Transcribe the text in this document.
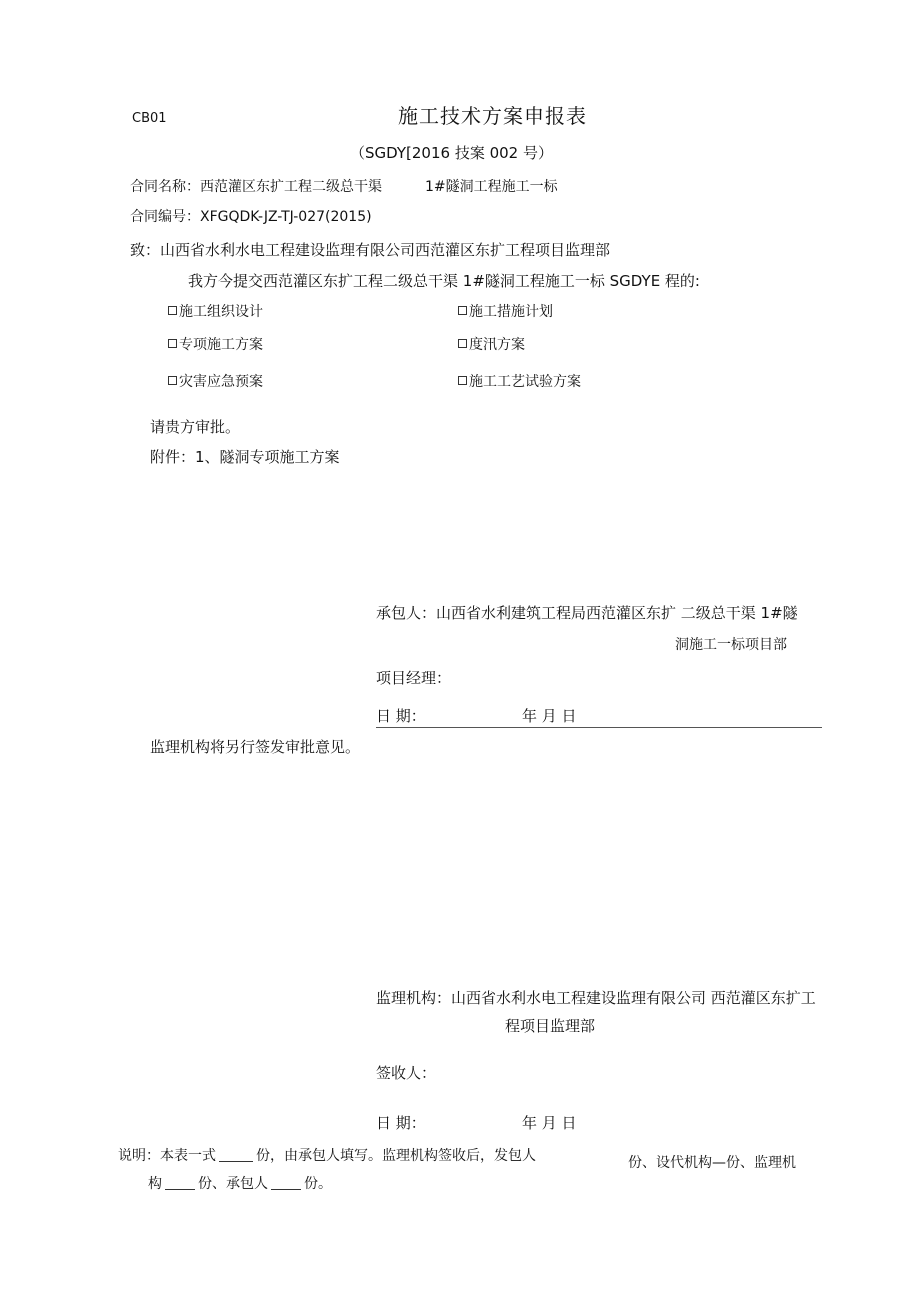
CB01	施工技术方案申报表
（SGDY[2016 技案 002 号）
合同名称：西范灌区东扩工程二级总干渠	1#隧洞工程施工一标
合同编号：XFGQDK-JZ-TJ-027(2015)
致：山西省水利水电工程建设监理有限公司西范灌区东扩工程项目监理部
我方今提交西范灌区东扩工程二级总干渠 1#隧洞工程施工一标 SGDYE 程的:
施工组织设计	施工措施计划
专项施工方案	度汛方案
灾害应急预案	施工工艺试验方案
请贵方审批。
附件：1、隧洞专项施工方案
承包人：山西省水利建筑工程局西范灌区东扩 二级总干渠 1#隧
洞施工一标项目部
项目经理：
日 期：	年 月 日
监理机构将另行签发审批意见。
监理机构：山西省水利水电工程建设监理有限公司 西范灌区东扩工
程项目监理部
签收人：
日 期：	年 月 日
说明：本表一式	份，由承包人填写。监理机构签收后，发包人	份、设代机构—份、监理机
构	份、承包人	份。
